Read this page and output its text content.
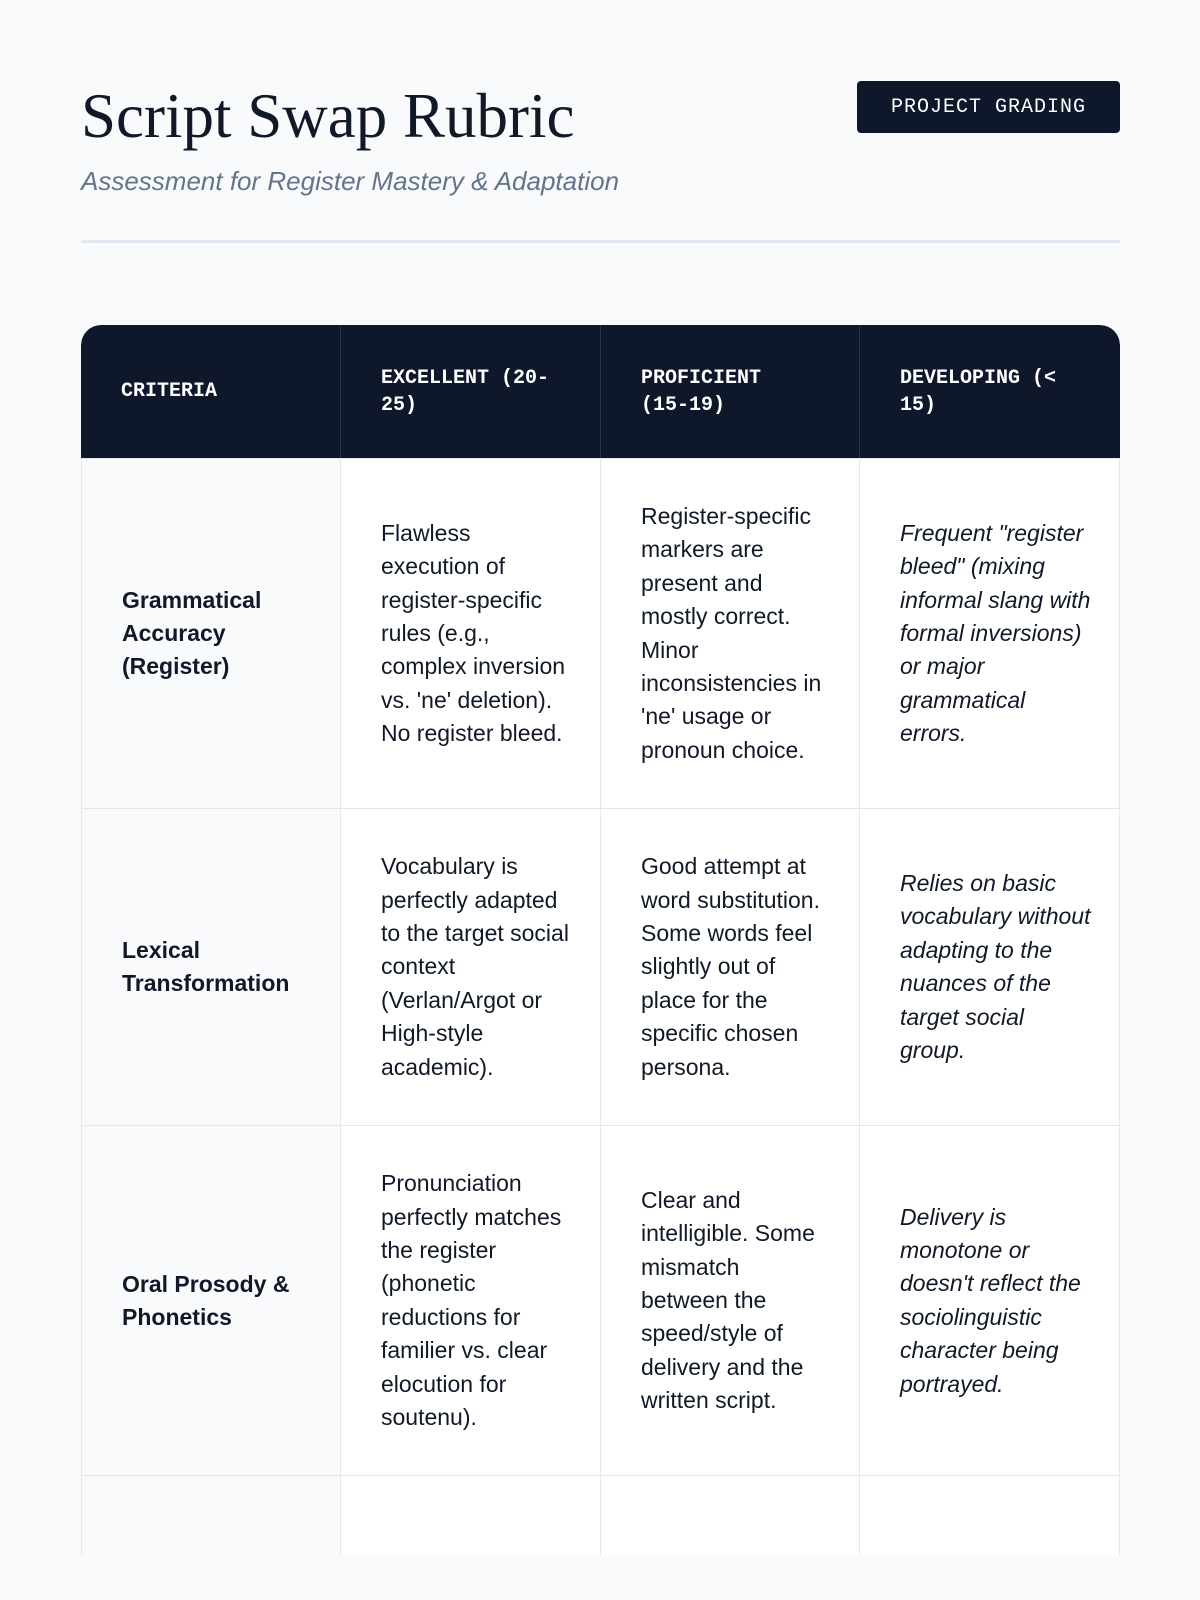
Script Swap Rubric

Assessment for Register Mastery & Adaptation

PROJECT GRADING
CRITERIA	EXCELLENT (20-25)	PROFICIENT (15-19)	DEVELOPING (< 15)
Grammatical Accuracy (Register)	Flawless execution of register-specific rules (e.g., complex inversion vs. 'ne' deletion). No register bleed.	Register-specific markers are present and mostly correct. Minor inconsistencies in 'ne' usage or pronoun choice.	Frequent "register bleed" (mixing informal slang with formal inversions) or major grammatical errors.
Lexical Transformation	Vocabulary is perfectly adapted to the target social context (Verlan/Argot or High-style academic).	Good attempt at word substitution. Some words feel slightly out of place for the specific chosen persona.	Relies on basic vocabulary without adapting to the nuances of the target social group.
Oral Prosody & Phonetics	Pronunciation perfectly matches the register (phonetic reductions for familier vs. clear elocution for soutenu).	Clear and intelligible. Some mismatch between the speed/style of delivery and the written script.	Delivery is monotone or doesn't reflect the sociolinguistic character being portrayed.
